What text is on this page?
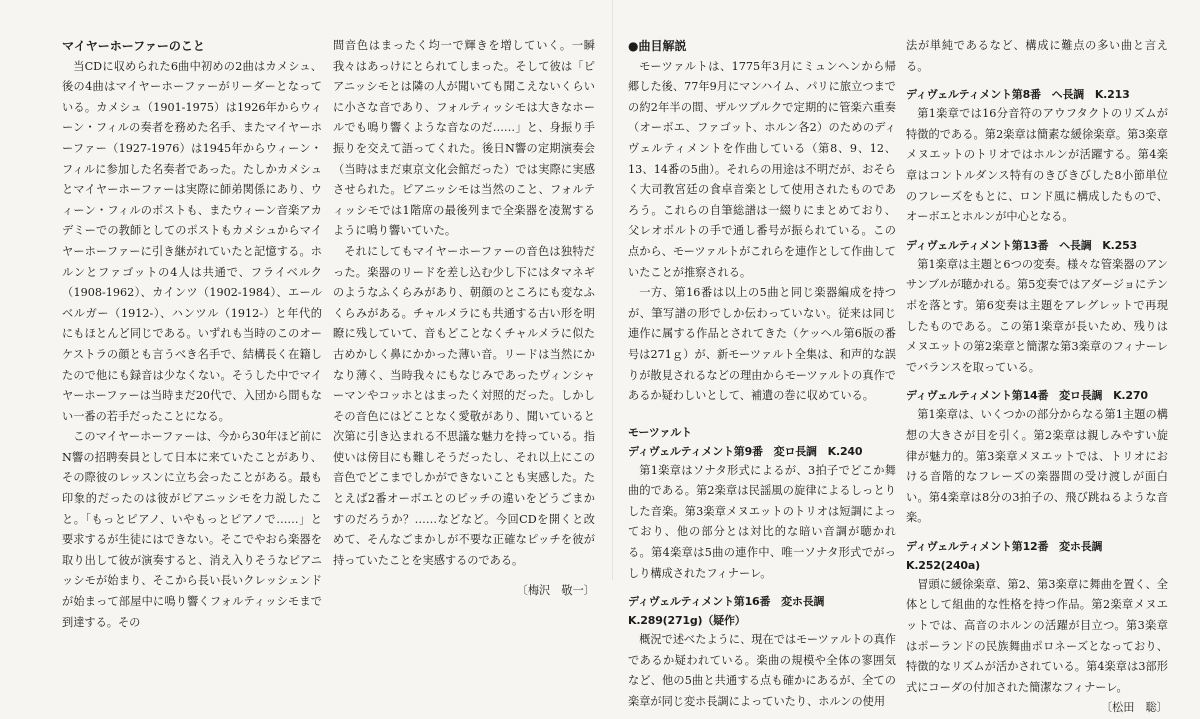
マイヤーホーファーのこと

当CDに収められた6曲中初めの2曲はカメシュ、後の4曲はマイヤーホーファーがリーダーとなっている。カメシュ（1901-1975）は1926年からウィーン・フィルの奏者を務めた名手、またマイヤーホーファー（1927-1976）は1945年からウィーン・フィルに参加した名奏者であった。たしかカメシュとマイヤーホーファーは実際に師弟関係にあり、ウィーン・フィルのポストも、またウィーン音楽アカデミーでの教師としてのポストもカメシュからマイヤーホーファーに引き継がれていたと記憶する。ホルンとファゴットの4人は共通で、フライベルク（1908-1962）、カインツ（1902-1984）、エールベルガー（1912-）、ハンツル（1912-）と年代的にもほとんど同じである。いずれも当時のこのオーケストラの顔とも言うべき名手で、結構長く在籍したので他にも録音は少なくない。そうした中でマイヤーホーファーは当時まだ20代で、入団から間もない一番の若手だったことになる。

このマイヤーホーファーは、今から30年ほど前にN響の招聘奏員として日本に来ていたことがあり、その際彼のレッスンに立ち会ったことがある。最も印象的だったのは彼がピアニッシモを力説したこと。「もっとピアノ、いやもっとピアノで……」と要求するが生徒にはできない。そこでやおら楽器を取り出して彼が演奏すると、消え入りそうなピアニッシモが始まり、そこから長い長いクレッシェンドが始まって部屋中に鳴り響くフォルティッシモまで到達する。その

間音色はまったく均一で輝きを増していく。一瞬我々はあっけにとられてしまった。そして彼は「ピアニッシモとは隣の人が聞いても聞こえないくらいに小さな音であり、フォルティッシモは大きなホールでも鳴り響くような音なのだ……」と、身振り手振りを交えて語ってくれた。後日N響の定期演奏会（当時はまだ東京文化会館だった）では実際に実感させられた。ピアニッシモは当然のこと、フォルティッシモでは1階席の最後列まで全楽器を凌駕するように鳴り響いていた。

それにしてもマイヤーホーファーの音色は独特だった。楽器のリードを差し込む少し下にはタマネギのようなふくらみがあり、朝顔のところにも変なふくらみがある。チャルメラにも共通する古い形を明瞭に残していて、音もどことなくチャルメラに似た古めかしく鼻にかかった薄い音。リードは当然にかなり薄く、当時我々にもなじみであったヴィンシャーマンやコッホとはまったく対照的だった。しかしその音色にはどことなく愛敬があり、聞いていると次第に引き込まれる不思議な魅力を持っている。指使いは傍目にも難しそうだったし、それ以上にこの音色でどこまでしかができないことも実感した。たとえば2番オーボエとのピッチの違いをどうごまかすのだろうか？……などなど。今回CDを開くと改めて、そんなごまかしが不要な正確なピッチを彼が持っていたことを実感するのである。

〔梅沢　敬一〕
●曲目解説

モーツァルトは、1775年3月にミュンヘンから帰郷した後、77年9月にマンハイム、パリに旅立つまでの約2年半の間、ザルツブルクで定期的に管楽六重奏（オーボエ、ファゴット、ホルン各2）のためのディヴェルティメントを作曲している（第8、9、12、13、14番の5曲）。それらの用途は不明だが、おそらく大司教宮廷の食卓音楽として使用されたものであろう。これらの自筆総譜は一綴りにまとめており、父レオポルトの手で通し番号が振られている。この点から、モーツァルトがこれらを連作として作曲していたことが推察される。

一方、第16番は以上の5曲と同じ楽器編成を持つが、筆写譜の形でしか伝わっていない。従来は同じ連作に属する作品とされてきた（ケッヘル第6版の番号は271ｇ）が、新モーツァルト全集は、和声的な誤りが散見されるなどの理由からモーツァルトの真作であるか疑わしいとして、補遺の巻に収めている。

モーツァルト
ディヴェルティメント第9番　変ロ長調　K.240

第1楽章はソナタ形式によるが、3拍子でどこか舞曲的である。第2楽章は民謡風の旋律によるしっとりした音楽。第3楽章メヌエットのトリオは短調によっており、他の部分とは対比的な暗い音調が聴かれる。第4楽章は5曲の連作中、唯一ソナタ形式でがっしり構成されたフィナーレ。

ディヴェルティメント第16番　変ホ長調　K.289(271g)（疑作）

概況で述べたように、現在ではモーツァルトの真作であるか疑われている。楽曲の規模や全体の寥囲気など、他の5曲と共通する点も確かにあるが、全ての楽章が同じ変ホ長調によっていたり、ホルンの使用

法が単純であるなど、構成に難点の多い曲と言える。

ディヴェルティメント第8番　ヘ長調　K.213

第1楽章では16分音符のアウフタクトのリズムが特徴的である。第2楽章は簡素な緩徐楽章。第3楽章メヌエットのトリオではホルンが活躍する。第4楽章はコントルダンス特有のきびきびした8小節単位のフレーズをもとに、ロンド風に構成したもので、オーボエとホルンが中心となる。

ディヴェルティメント第13番　ヘ長調　K.253

第1楽章は主題と6つの変奏。様々な管楽器のアンサンブルが聴かれる。第5変奏ではアダージョにテンポを落とす。第6変奏は主題をアレグレットで再現したものである。この第1楽章が長いため、残りはメヌエットの第2楽章と簡潔な第3楽章のフィナーレでバランスを取っている。

ディヴェルティメント第14番　変ロ長調　K.270

第1楽章は、いくつかの部分からなる第1主題の構想の大きさが目を引く。第2楽章は親しみやすい旋律が魅力的。第3楽章メヌエットでは、トリオにおける音階的なフレーズの楽器間の受け渡しが面白い。第4楽章は8分の3拍子の、飛び跳ねるような音楽。

ディヴェルティメント第12番　変ホ長調　K.252(240a)

冒頭に緩徐楽章、第2、第3楽章に舞曲を置く、全体として組曲的な性格を持つ作品。第2楽章メヌエットでは、高音のホルンの活躍が目立つ。第3楽章はポーランドの民族舞曲ポロネーズとなっており、特徴的なリズムが活かされている。第4楽章は3部形式にコーダの付加された簡潔なフィナーレ。

〔松田　聡〕
